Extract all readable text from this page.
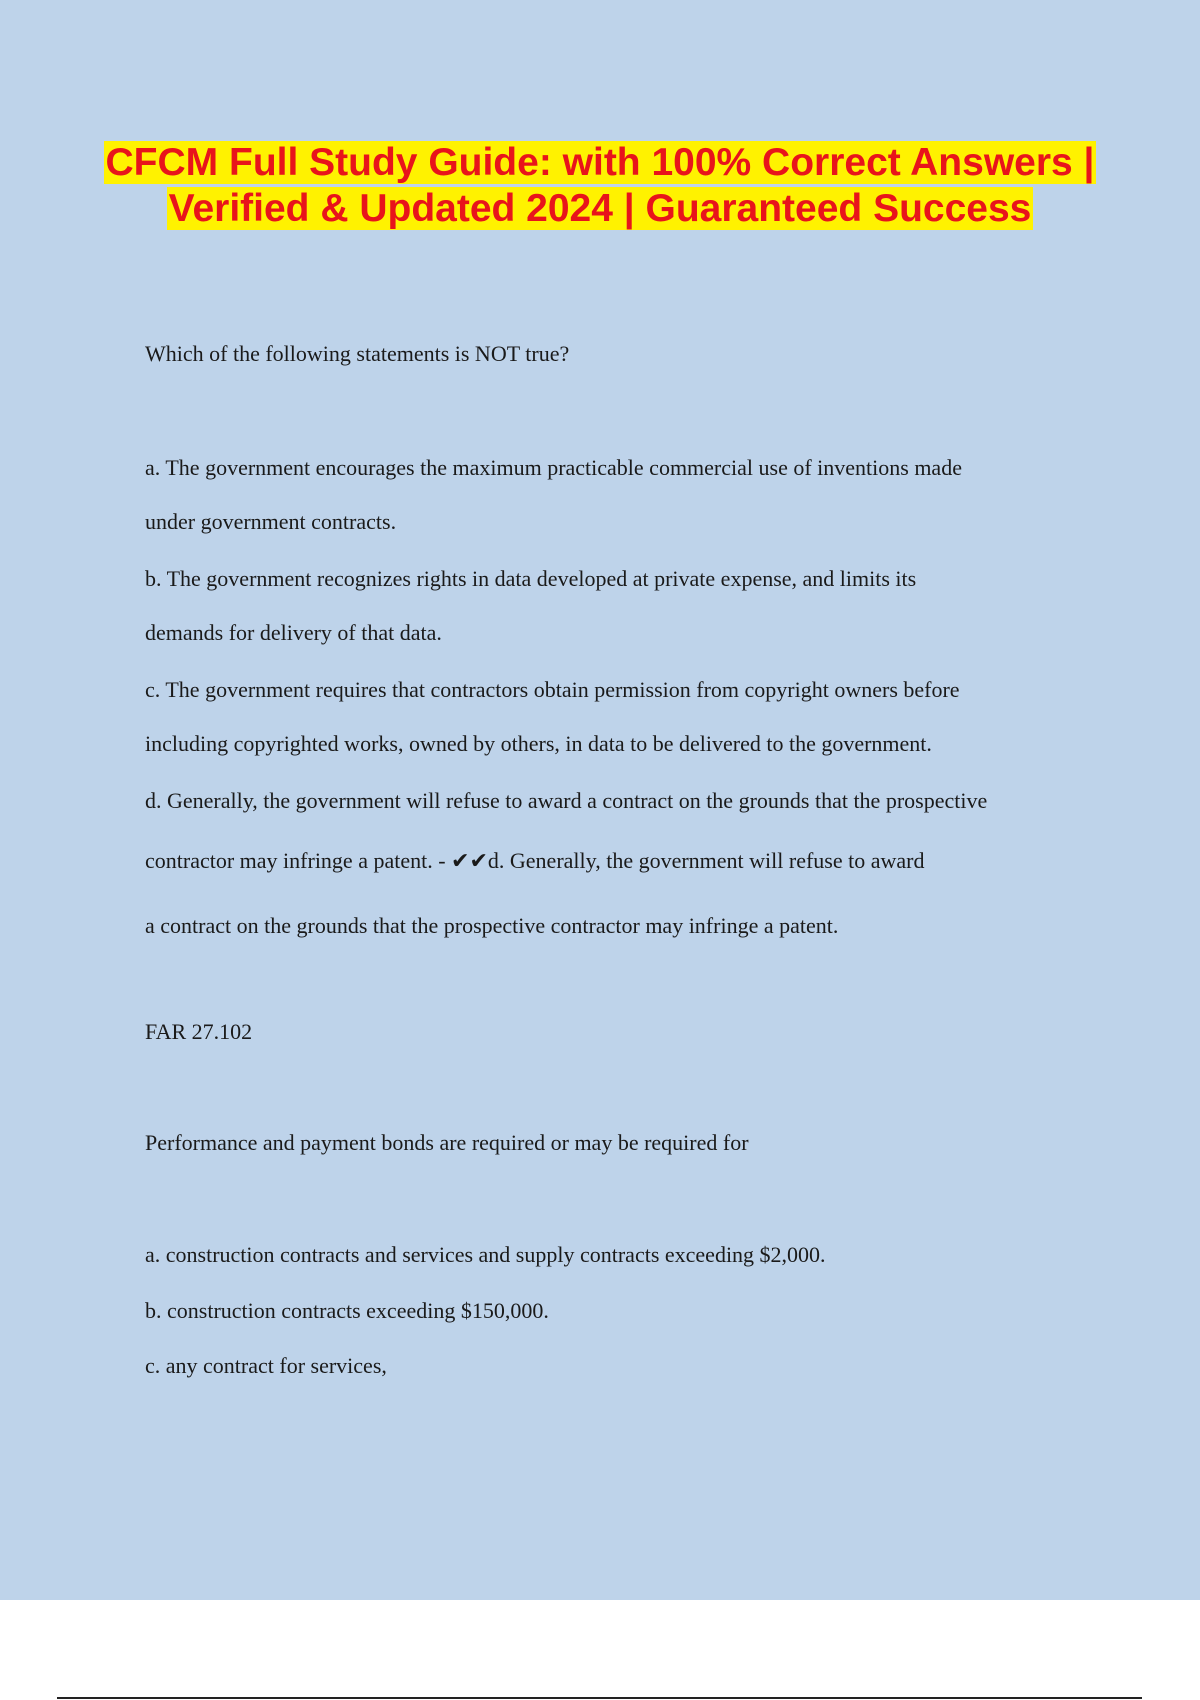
CFCM Full Study Guide: with 100% Correct Answers | Verified & Updated 2024 | Guaranteed Success
Which of the following statements is NOT true?
a. The government encourages the maximum practicable commercial use of inventions made
under government contracts.
b. The government recognizes rights in data developed at private expense, and limits its
demands for delivery of that data.
c. The government requires that contractors obtain permission from copyright owners before
including copyrighted works, owned by others, in data to be delivered to the government.
d. Generally, the government will refuse to award a contract on the grounds that the prospective
contractor may infringe a patent. - ✔✔d. Generally, the government will refuse to award
a contract on the grounds that the prospective contractor may infringe a patent.
FAR 27.102
Performance and payment bonds are required or may be required for
a. construction contracts and services and supply contracts exceeding $2,000.
b. construction contracts exceeding $150,000.
c. any contract for services,
